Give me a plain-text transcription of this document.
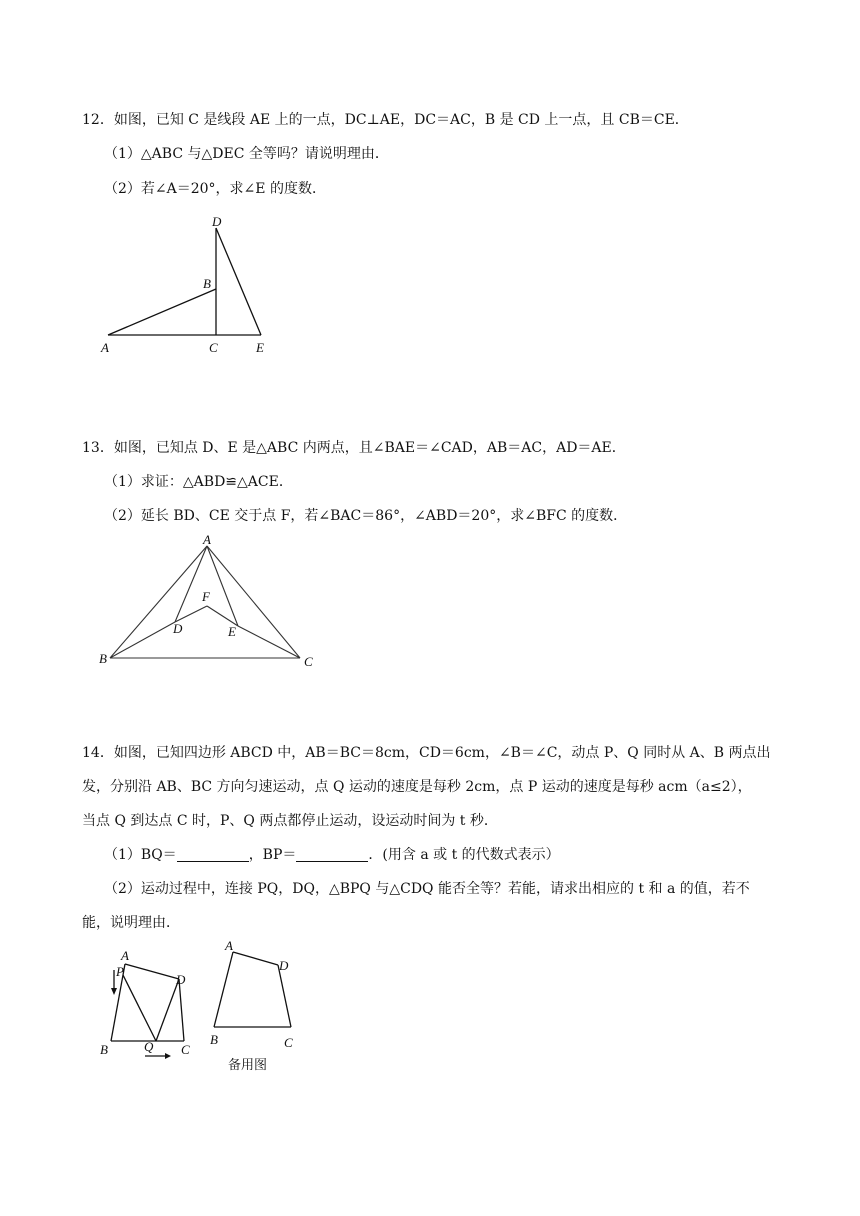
12．如图，已知 C 是线段 AE 上的一点，DC⊥AE，DC＝AC，B 是 CD 上一点，且 CB＝CE．
（1）△ABC 与△DEC 全等吗？请说明理由．
（2）若∠A＝20°，求∠E 的度数．
D
B
A	C	E
13．如图，已知点 D、E 是△ABC 内两点，且∠BAE＝∠CAD，AB＝AC，AD＝AE．
（1）求证：△ABD≌△ACE．
（2）延长 BD、CE 交于点 F，若∠BAC＝86°，∠ABD＝20°，求∠BFC 的度数．
A
F
D	E
B	C
14．如图，已知四边形 ABCD 中，AB＝BC＝8cm，CD＝6cm，∠B＝∠C，动点 P、Q 同时从 A、B 两点出
发，分别沿 AB、BC 方向匀速运动，点 Q 运动的速度是每秒 2cm，点 P 运动的速度是每秒 acm（a≤2），
当点 Q 到达点 C 时，P、Q 两点都停止运动，设运动时间为 t 秒．
（1）BQ＝	，BP＝	．(用含 a 或 t 的代数式表示）
（2）运动过程中，连接 PQ，DQ，△BPQ 与△CDQ 能否全等？若能，请求出相应的 t 和 a 的值，若不
能，说明理由．
A
P
D
B	Q C
A
D
B	C
备用图
